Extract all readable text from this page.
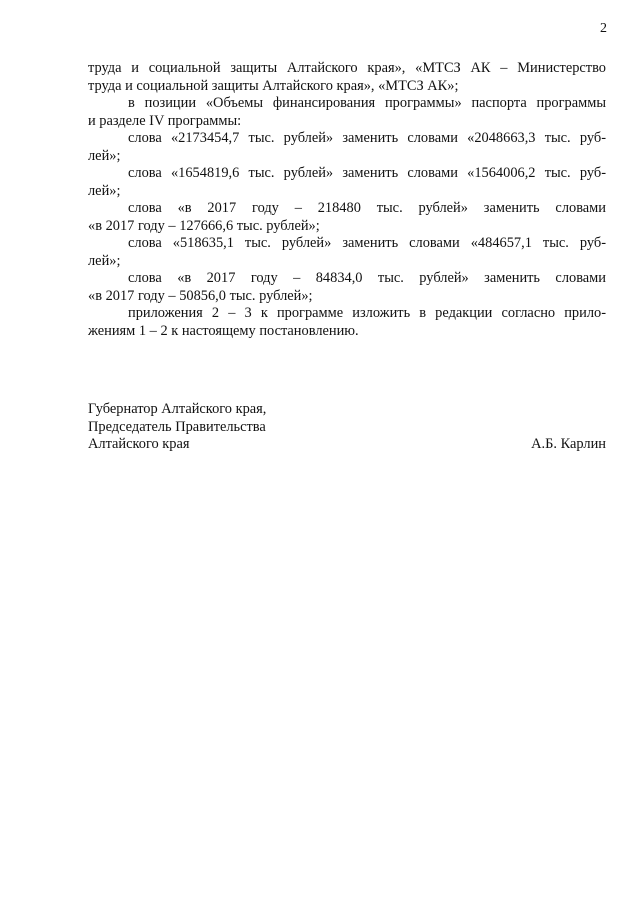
2

труда и социальной защиты Алтайского края», «МТСЗ АК – Министерство
труда и социальной защиты Алтайского края», «МТСЗ АК»;

в позиции «Объемы финансирования программы» паспорта программы
и разделе IV программы:

слова «2173454,7 тыс. рублей» заменить словами «2048663,3 тыс. руб-
лей»;

слова «1654819,6 тыс. рублей» заменить словами «1564006,2 тыс. руб-
лей»;

слова «в 2017 году – 218480 тыс. рублей» заменить словами
«в 2017 году – 127666,6 тыс. рублей»;

слова «518635,1 тыс. рублей» заменить словами «484657,1 тыс. руб-
лей»;

слова «в 2017 году – 84834,0 тыс. рублей» заменить словами
«в 2017 году – 50856,0 тыс. рублей»;

приложения 2 – 3 к программе изложить в редакции согласно прило-
жениям 1 – 2 к настоящему постановлению.

Губернатор Алтайского края,
Председатель Правительства
Алтайского края	А.Б. Карлин
